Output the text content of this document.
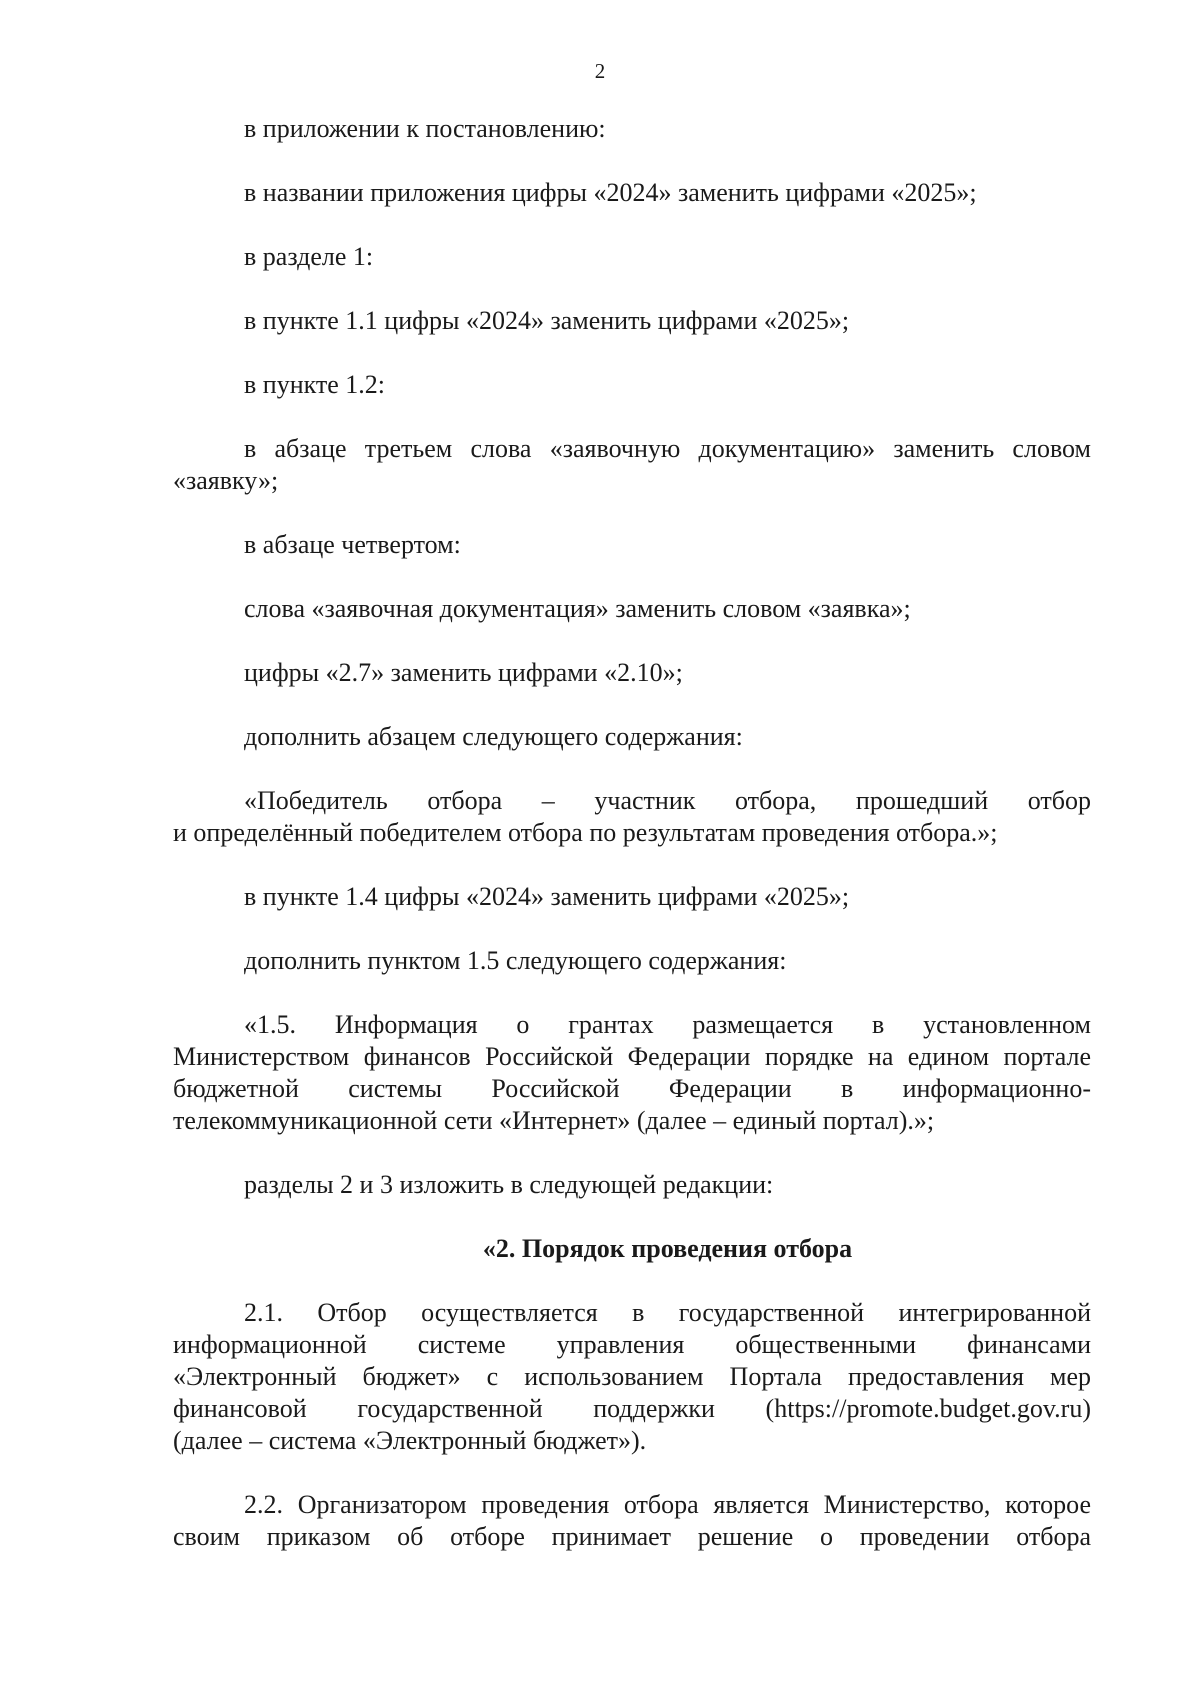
2

в приложении к постановлению:

в названии приложения цифры «2024» заменить цифрами «2025»;

в разделе 1:

в пункте 1.1 цифры «2024» заменить цифрами «2025»;

в пункте 1.2:

в абзаце третьем слова «заявочную документацию» заменить словом
«заявку»;

в абзаце четвертом:

слова «заявочная документация» заменить словом «заявка»;

цифры «2.7» заменить цифрами «2.10»;

дополнить абзацем следующего содержания:

«Победитель отбора – участник отбора, прошедший отбор
и определённый победителем отбора по результатам проведения отбора.»;

в пункте 1.4 цифры «2024» заменить цифрами «2025»;

дополнить пунктом 1.5 следующего содержания:

«1.5. Информация о грантах размещается в установленном
Министерством финансов Российской Федерации порядке на едином портале
бюджетной системы Российской Федерации в информационно-
телекоммуникационной сети «Интернет» (далее – единый портал).»;

разделы 2 и 3 изложить в следующей редакции:

«2. Порядок проведения отбора

2.1. Отбор осуществляется в государственной интегрированной
информационной системе управления общественными финансами
«Электронный бюджет» с использованием Портала предоставления мер
финансовой государственной поддержки (https://promote.budget.gov.ru)
(далее – система «Электронный бюджет»).
2.2. Организатором проведения отбора является Министерство, которое
своим приказом об отборе принимает решение о проведении отбора
